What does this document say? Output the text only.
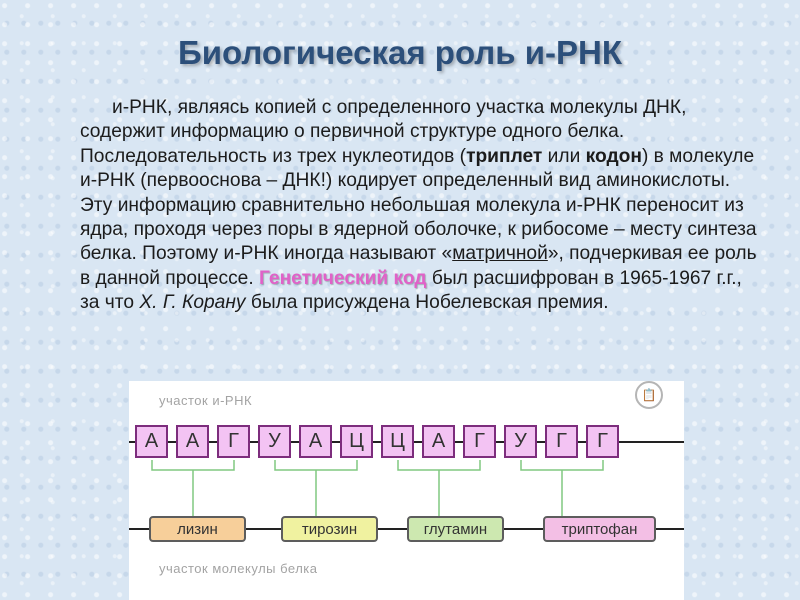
Биологическая роль и-РНК

и-РНК, являясь копией с определенного участка молекулы ДНК, содержит информацию о первичной структуре одного белка. Последовательность из трех нуклеотидов (триплет или кодон) в молекуле и-РНК (первооснова – ДНК!) кодирует определенный вид аминокислоты. Эту информацию сравнительно небольшая молекула и-РНК переносит из ядра, проходя через поры в ядерной оболочке, к рибосоме – месту синтеза белка. Поэтому и-РНК иногда называют «матричной», подчеркивая ее роль в данной процессе. Генетический код был расшифрован в 1965-1967 г.г., за что Х. Г. Корану была присуждена Нобелевская премия.

участок и-РНК	📋
А	А	Г	У	А	Ц	Ц	А	Г	У	Г	Г
лизин	тирозин	глутамин	триптофан
участок молекулы белка
